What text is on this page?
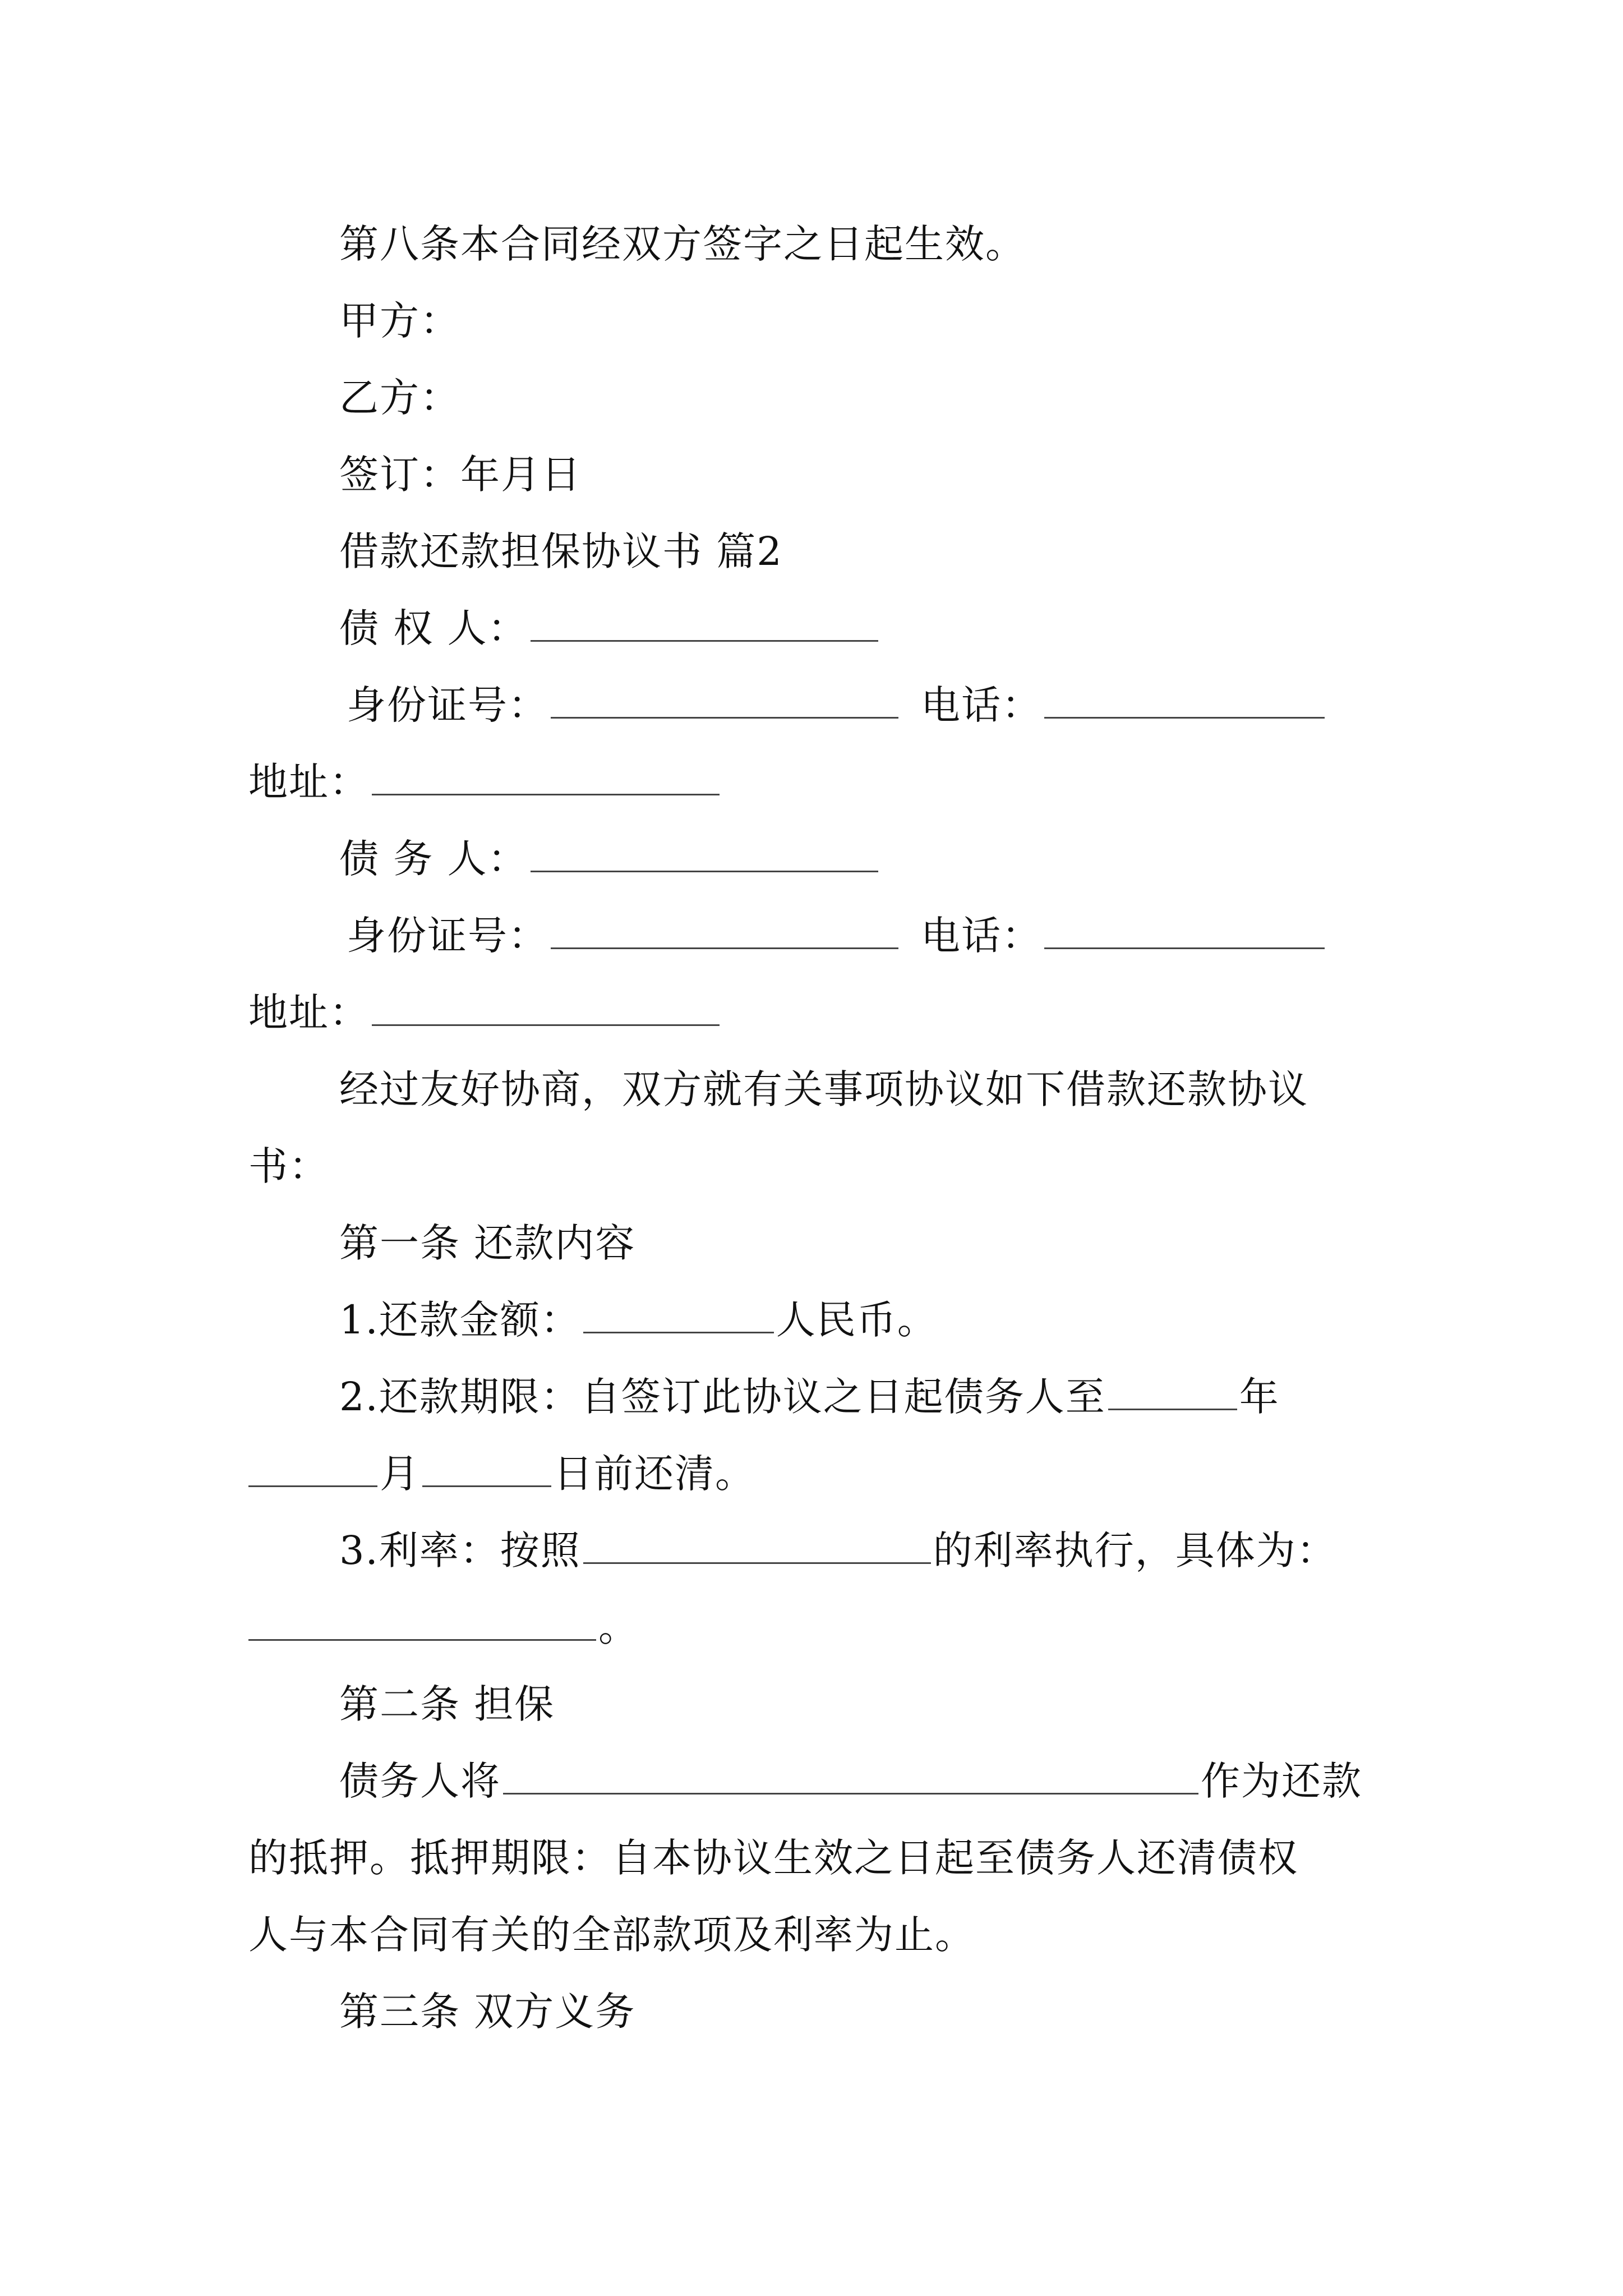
第八条本合同经双方签字之日起生效。
甲方：
乙方：
签订：年月日
借款还款担保协议书 篇2
债 权 人：
身份证号：	电话：
地址：
债 务 人：
身份证号：	电话：
地址：
经过友好协商，双方就有关事项协议如下借款还款协议
书：
第一条 还款内容
1.还款金额：	人民币。
2.还款期限：自签订此协议之日起债务人至	年
月	日前还清。
3.利率：按照	的利率执行，具体为：
。
第二条 担保
债务人将	作为还款
的抵押。抵押期限：自本协议生效之日起至债务人还清债权
人与本合同有关的全部款项及利率为止。
第三条 双方义务
